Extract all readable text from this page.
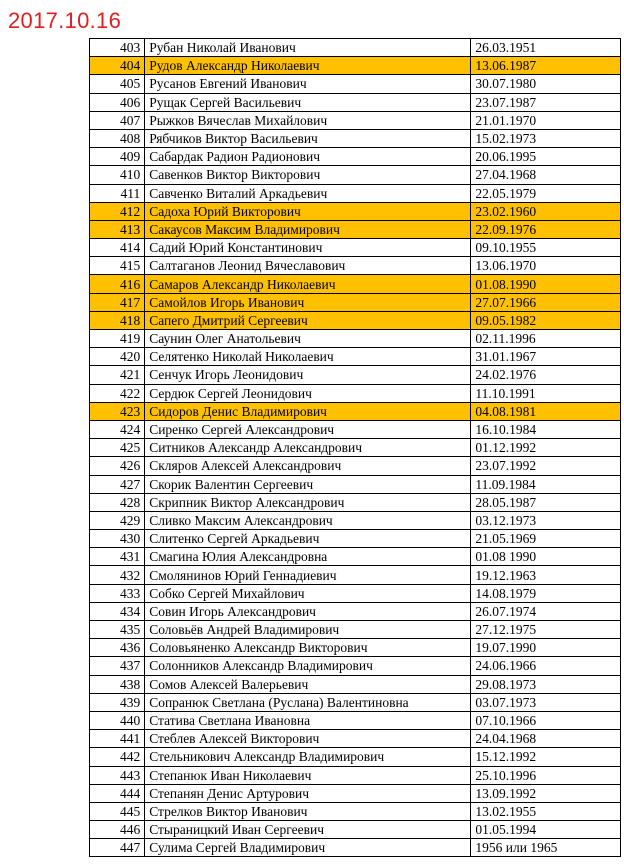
2017.10.16
403	Рубан Николай Иванович	26.03.1951
404	Рудов Александр Николаевич	13.06.1987
405	Русанов Евгений Иванович	30.07.1980
406	Рущак Сергей Васильевич	23.07.1987
407	Рыжков Вячеслав Михайлович	21.01.1970
408	Рябчиков Виктор Васильевич	15.02.1973
409	Сабардак Радион Радионович	20.06.1995
410	Савенков Виктор Викторович	27.04.1968
411	Савченко Виталий Аркадьевич	22.05.1979
412	Садоха Юрий Викторович	23.02.1960
413	Сакаусов Максим Владимирович	22.09.1976
414	Садий Юрий Константинович	09.10.1955
415	Салтаганов Леонид Вячеславович	13.06.1970
416	Самаров Александр Николаевич	01.08.1990
417	Самойлов Игорь Иванович	27.07.1966
418	Сапего Дмитрий Сергеевич	09.05.1982
419	Саунин Олег Анатольевич	02.11.1996
420	Селятенко Николай Николаевич	31.01.1967
421	Сенчук Игорь Леонидович	24.02.1976
422	Сердюк Сергей Леонидович	11.10.1991
423	Сидоров Денис Владимирович	04.08.1981
424	Сиренко Сергей Александрович	16.10.1984
425	Ситников Александр Александрович	01.12.1992
426	Скляров Алексей Александрович	23.07.1992
427	Скорик Валентин Сергеевич	11.09.1984
428	Скрипник Виктор Александрович	28.05.1987
429	Сливко Максим Александрович	03.12.1973
430	Слитенко Сергей Аркадьевич	21.05.1969
431	Смагина Юлия Александровна	01.08 1990
432	Смолянинов Юрий Геннадиевич	19.12.1963
433	Собко Сергей Михайлович	14.08.1979
434	Совин Игорь Александрович	26.07.1974
435	Соловьёв Андрей Владимирович	27.12.1975
436	Соловьяненко Александр Викторович	19.07.1990
437	Солонников Александр Владимирович	24.06.1966
438	Сомов Алексей Валерьевич	29.08.1973
439	Сопранюк Светлана (Руслана) Валентиновна	03.07.1973
440	Статива Светлана Ивановна	07.10.1966
441	Стеблев Алексей Викторович	24.04.1968
442	Стельникович Александр Владимирович	15.12.1992
443	Степанюк Иван Николаевич	25.10.1996
444	Степанян Денис Артурович	13.09.1992
445	Стрелков Виктор Иванович	13.02.1955
446	Стыраницкий Иван Сергеевич	01.05.1994
447	Сулима Сергей Владимирович	1956 или 1965
